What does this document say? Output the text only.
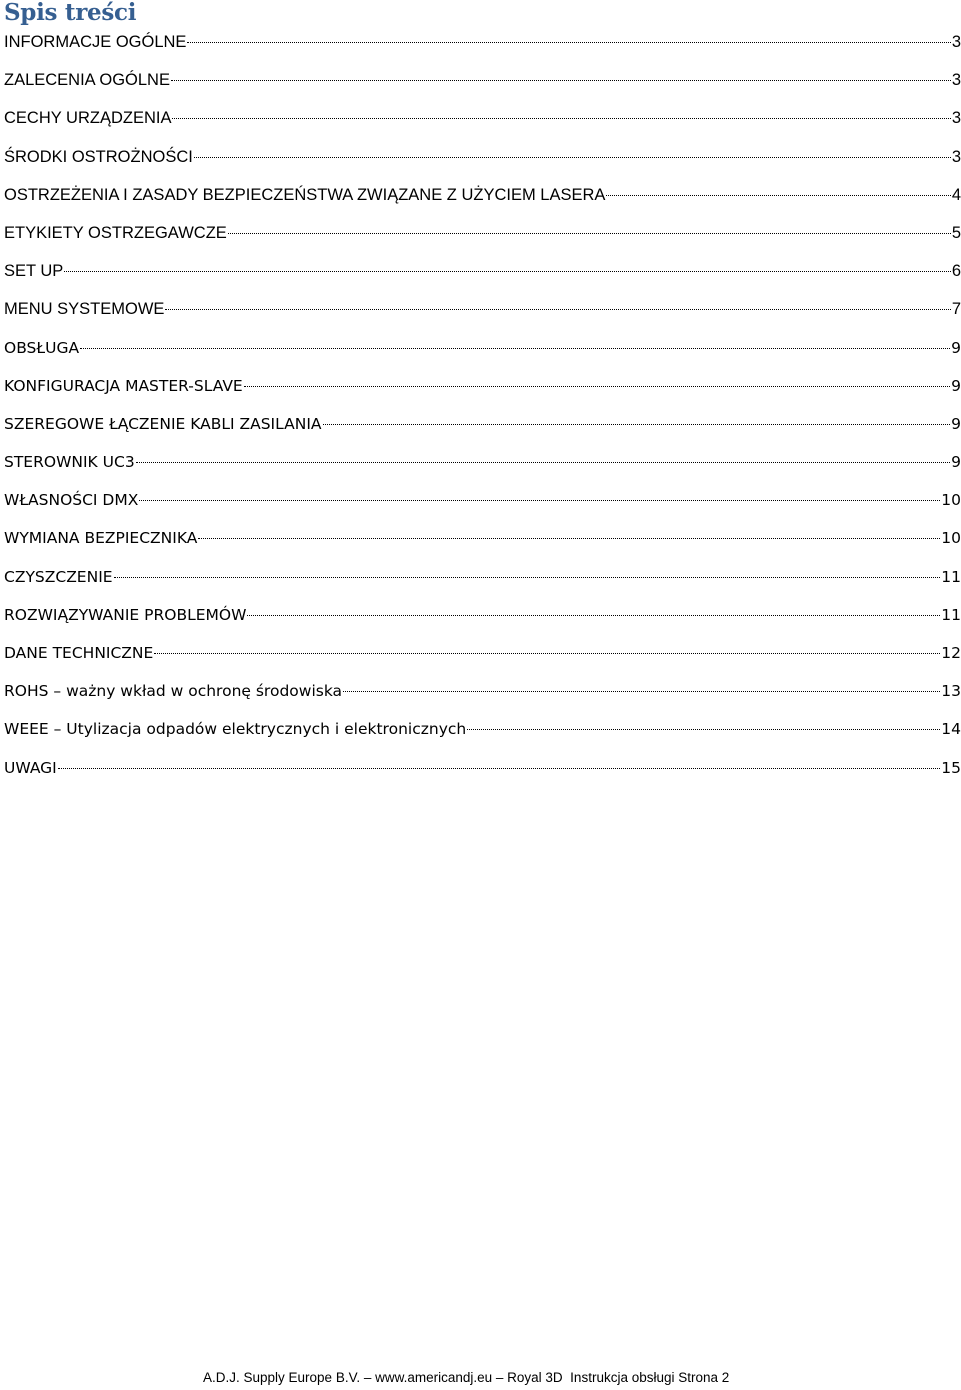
Spis treści
INFORMACJE OGÓLNE	3
ZALECENIA OGÓLNE	3
CECHY URZĄDZENIA	3
ŚRODKI OSTROŻNOŚCI	3
OSTRZEŻENIA I ZASADY BEZPIECZEŃSTWA ZWIĄZANE Z UŻYCIEM LASERA	4
ETYKIETY OSTRZEGAWCZE	5
SET UP	6
MENU SYSTEMOWE	7
OBSŁUGA	9
KONFIGURACJA MASTER-SLAVE	9
SZEREGOWE ŁĄCZENIE KABLI ZASILANIA	9
STEROWNIK UC3	9
WŁASNOŚCI DMX	10
WYMIANA BEZPIECZNIKA	10
CZYSZCZENIE	11
ROZWIĄZYWANIE PROBLEMÓW	11
DANE TECHNICZNE	12
ROHS – ważny wkład w ochronę środowiska	13
WEEE – Utylizacja odpadów elektrycznych i elektronicznych	14
UWAGI	15
A.D.J. Supply Europe B.V. – www.americandj.eu – Royal 3D  Instrukcja obsługi Strona 2
